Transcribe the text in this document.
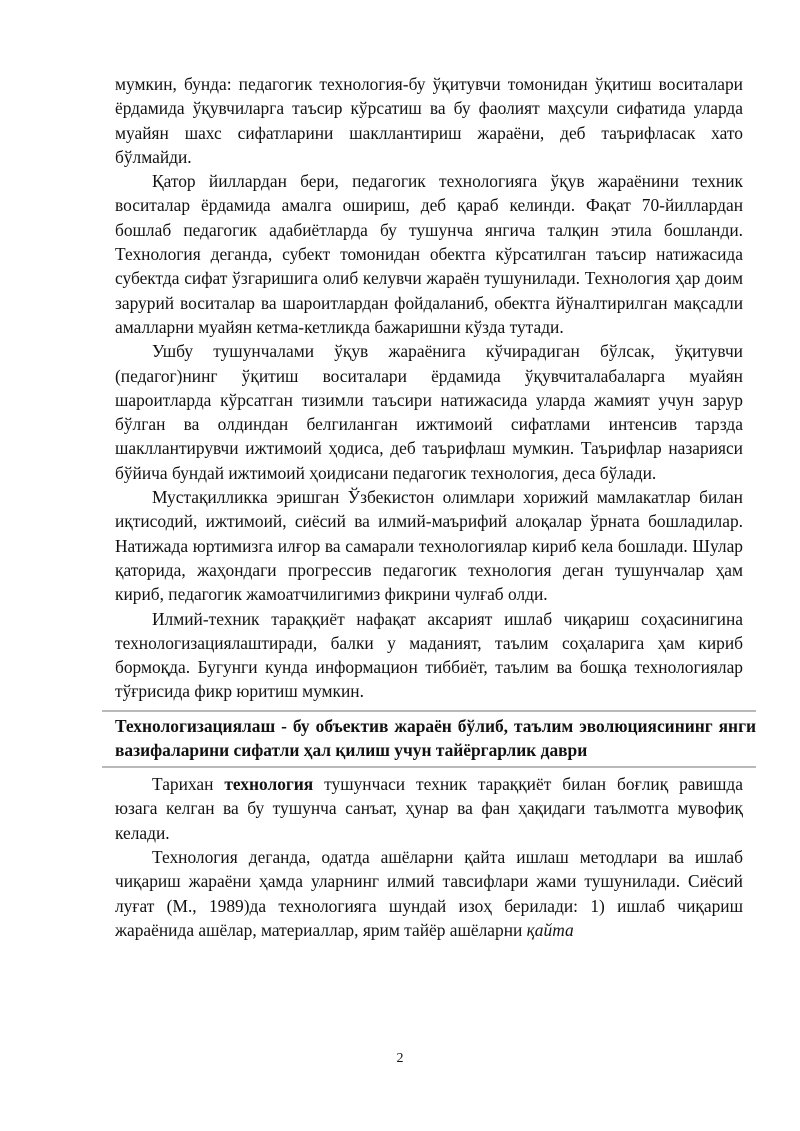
мумкин, бунда: педагогик технология-бу ўқитувчи томонидан ўқитиш воситалари ёрдамида ўқувчиларга таъсир кўрсатиш ва бу фаолият маҳсули сифатида уларда муайян шахс сифатларини шакллантириш жараёни, деб таърифласак хато бўлмайди.

Қатор йиллардан бери, педагогик технологияга ўқув жараёнини техник воситалар ёрдамида амалга ошириш, деб қараб келинди. Фақат 70-йиллардан бошлаб педагогик адабиётларда бу тушунча янгича талқин этила бошланди. Технология деганда, субект томонидан обектга кўрсатилган таъсир натижасида субектда сифат ўзгаришига олиб келувчи жараён тушунилади. Технология ҳар доим зарурий воситалар ва шароитлардан фойдаланиб, обектга йўналтирилган мақсадли амалларни муайян кетма-кетликда бажаришни кўзда тутади.

Ушбу тушунчалами ўқув жараёнига кўчирадиган бўлсак, ўқитувчи (педагог)нинг ўқитиш воситалари ёрдамида ўқувчиталабаларга муайян шароитларда кўрсатган тизимли таъсири натижасида уларда жамият учун зарур бўлган ва олдиндан белгиланган ижтимоий сифатлами интенсив тарзда шакллантирувчи ижтимоий ҳодиса, деб таърифлаш мумкин. Таърифлар назарияси бўйича бундай ижтимоий ҳоидисани педагогик технология, деса бўлади.

Мустақилликка эришган Ўзбекистон олимлари хорижий мамлакатлар билан иқтисодий, ижтимоий, сиёсий ва илмий-маърифий алоқалар ўрната бошладилар. Натижада юртимизга илғор ва самарали технологиялар кириб кела бошлади. Шулар қаторида, жаҳондаги прогрессив педагогик технология деган тушунчалар ҳам кириб, педагогик жамоатчилигимиз фикрини чулғаб олди.

Илмий-техник тараққиёт нафақат аксарият ишлаб чиқариш соҳасинигина технологизациялаштиради, балки у маданият, таълим соҳаларига ҳам кириб бормоқда. Бугунги кунда информацион тиббиёт, таълим ва бошқа технологиялар тўғрисида фикр юритиш мумкин.

Технологизациялаш - бу объектив жараён бўлиб, таълим эволюциясининг янги вазифаларини сифатли ҳал қилиш учун тайёргарлик даври

Тарихан технология тушунчаси техник тараққиёт билан боғлиқ равишда юзага келган ва бу тушунча санъат, ҳунар ва фан ҳақидаги таълмотга мувофиқ келади.

Технология деганда, одатда ашёларни қайта ишлаш методлари ва ишлаб чиқариш жараёни ҳамда уларнинг илмий тавсифлари жами тушунилади. Сиёсий луғат (М., 1989)да технологияга шундай изоҳ берилади: 1) ишлаб чиқариш жараёнида ашёлар, материаллар, ярим тайёр ашёларни қайта

2
